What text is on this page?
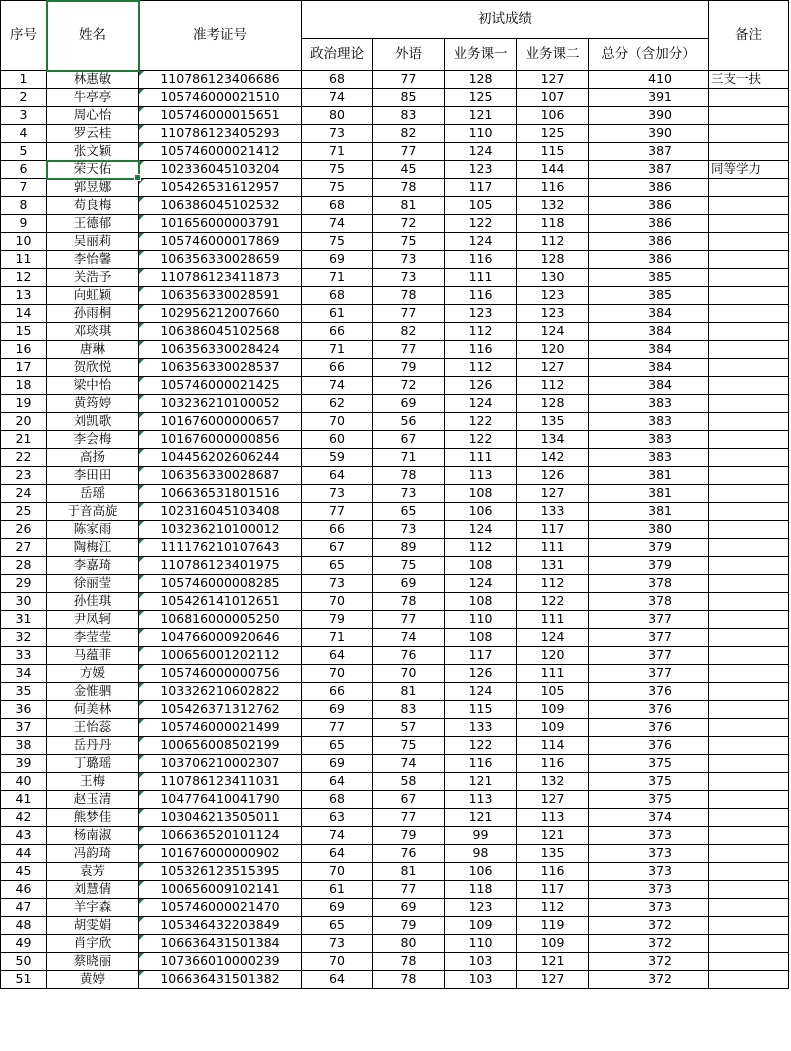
序号	姓名	准考证号	初试成绩					备注
			政治理论	外语	业务课一	业务课二	总分（含加分）	
1	林惠敏	110786123406686	68	77	128	127	410	三支一扶
2	牛亭亭	105746000021510	74	85	125	107	391	
3	周心怡	105746000015651	80	83	121	106	390	
4	罗云桂	110786123405293	73	82	110	125	390	
5	张文颖	105746000021412	71	77	124	115	387	
6	荣天佑	102336045103204	75	45	123	144	387	同等学力
7	郭昱娜	105426531612957	75	78	117	116	386	
8	苟良梅	106386045102532	68	81	105	132	386	
9	王德郁	101656000003791	74	72	122	118	386	
10	吴丽莉	105746000017869	75	75	124	112	386	
11	李怡馨	106356330028659	69	73	116	128	386	
12	关浩予	110786123411873	71	73	111	130	385	
13	向虹颖	106356330028591	68	78	116	123	385	
14	孙雨桐	102956212007660	61	77	123	123	384	
15	邓琰琪	106386045102568	66	82	112	124	384	
16	唐琳	106356330028424	71	77	116	120	384	
17	贺欣悦	106356330028537	66	79	112	127	384	
18	梁中怡	105746000021425	74	72	126	112	384	
19	黄筠婷	103236210100052	62	69	124	128	383	
20	刘凯歌	101676000000657	70	56	122	135	383	
21	李会梅	101676000000856	60	67	122	134	383	
22	高扬	104456202606244	59	71	111	142	383	
23	李田田	106356330028687	64	78	113	126	381	
24	岳瑶	106636531801516	73	73	108	127	381	
25	于音高旋	102316045103408	77	65	106	133	381	
26	陈家雨	103236210100012	66	73	124	117	380	
27	陶梅江	111176210107643	67	89	112	111	379	
28	李嘉琦	110786123401975	65	75	108	131	379	
29	徐丽莹	105746000008285	73	69	124	112	378	
30	孙佳琪	105426141012651	70	78	108	122	378	
31	尹凤轲	106816000005250	79	77	110	111	377	
32	李莹莹	104766000920646	71	74	108	124	377	
33	马蕴菲	100656001202112	64	76	117	120	377	
34	方媛	105746000000756	70	70	126	111	377	
35	金惟驷	103326210602822	66	81	124	105	376	
36	何美林	105426371312762	69	83	115	109	376	
37	王怡蕊	105746000021499	77	57	133	109	376	
38	岳丹丹	100656008502199	65	75	122	114	376	
39	丁璐瑶	103706210002307	69	74	116	116	375	
40	王梅	110786123411031	64	58	121	132	375	
41	赵玉清	104776410041790	68	67	113	127	375	
42	熊梦佳	103046213505011	63	77	121	113	374	
43	杨南淑	106636520101124	74	79	99	121	373	
44	冯韵琦	101676000000902	64	76	98	135	373	
45	袁芳	105326123515395	70	81	106	116	373	
46	刘慧倩	100656009102141	61	77	118	117	373	
47	羊宇森	105746000021470	69	69	123	112	373	
48	胡雯娟	105346432203849	65	79	109	119	372	
49	肖宇欣	106636431501384	73	80	110	109	372	
50	蔡晓丽	107366010000239	70	78	103	121	372	
51	黄婷	106636431501382	64	78	103	127	372	
